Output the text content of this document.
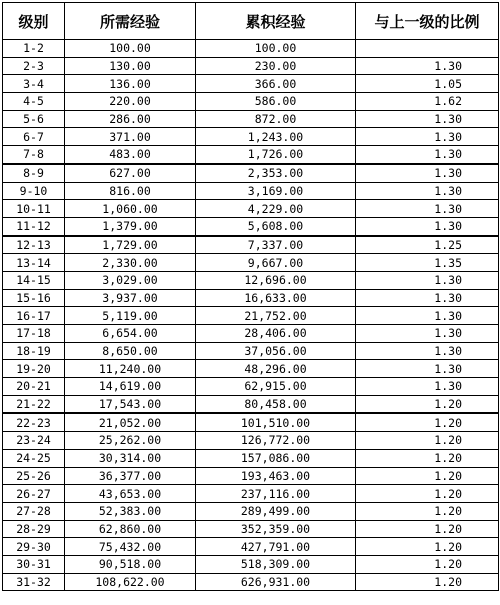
级别	所需经验	累积经验	与上一级的比例
1-2	100.00	100.00	
2-3	130.00	230.00	1.30
3-4	136.00	366.00	1.05
4-5	220.00	586.00	1.62
5-6	286.00	872.00	1.30
6-7	371.00	1,243.00	1.30
7-8	483.00	1,726.00	1.30
8-9	627.00	2,353.00	1.30
9-10	816.00	3,169.00	1.30
10-11	1,060.00	4,229.00	1.30
11-12	1,379.00	5,608.00	1.30
12-13	1,729.00	7,337.00	1.25
13-14	2,330.00	9,667.00	1.35
14-15	3,029.00	12,696.00	1.30
15-16	3,937.00	16,633.00	1.30
16-17	5,119.00	21,752.00	1.30
17-18	6,654.00	28,406.00	1.30
18-19	8,650.00	37,056.00	1.30
19-20	11,240.00	48,296.00	1.30
20-21	14,619.00	62,915.00	1.30
21-22	17,543.00	80,458.00	1.20
22-23	21,052.00	101,510.00	1.20
23-24	25,262.00	126,772.00	1.20
24-25	30,314.00	157,086.00	1.20
25-26	36,377.00	193,463.00	1.20
26-27	43,653.00	237,116.00	1.20
27-28	52,383.00	289,499.00	1.20
28-29	62,860.00	352,359.00	1.20
29-30	75,432.00	427,791.00	1.20
30-31	90,518.00	518,309.00	1.20
31-32	108,622.00	626,931.00	1.20
